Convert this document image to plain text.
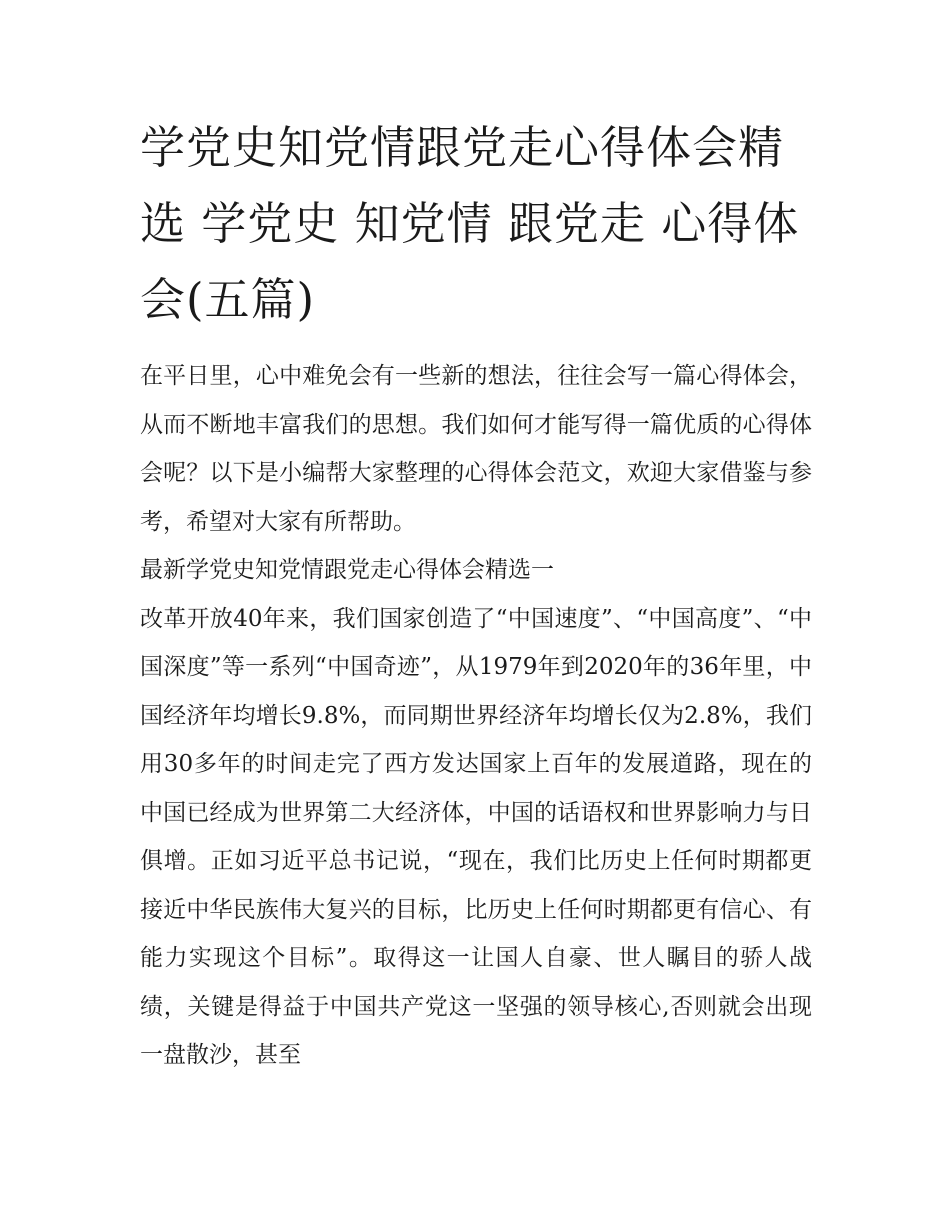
学党史知党情跟党走心得体会精选 学党史 知党情 跟党走 心得体会(五篇)

在平日里，心中难免会有一些新的想法，往往会写一篇心得体会，从而不断地丰富我们的思想。我们如何才能写得一篇优质的心得体会呢？以下是小编帮大家整理的心得体会范文，欢迎大家借鉴与参考，希望对大家有所帮助。

最新学党史知党情跟党走心得体会精选一

改革开放40年来，我们国家创造了“中国速度”、“中国高度”、“中国深度”等一系列“中国奇迹”，从1979年到2020年的36年里，中国经济年均增长9.8%，而同期世界经济年均增长仅为2.8%，我们用30多年的时间走完了西方发达国家上百年的发展道路，现在的中国已经成为世界第二大经济体，中国的话语权和世界影响力与日俱增。正如习近平总书记说，“现在，我们比历史上任何时期都更接近中华民族伟大复兴的目标，比历史上任何时期都更有信心、有能力实现这个目标”。取得这一让国人自豪、世人瞩目的骄人战绩，关键是得益于中国共产党这一坚强的领导核心,否则就会出现一盘散沙，甚至
